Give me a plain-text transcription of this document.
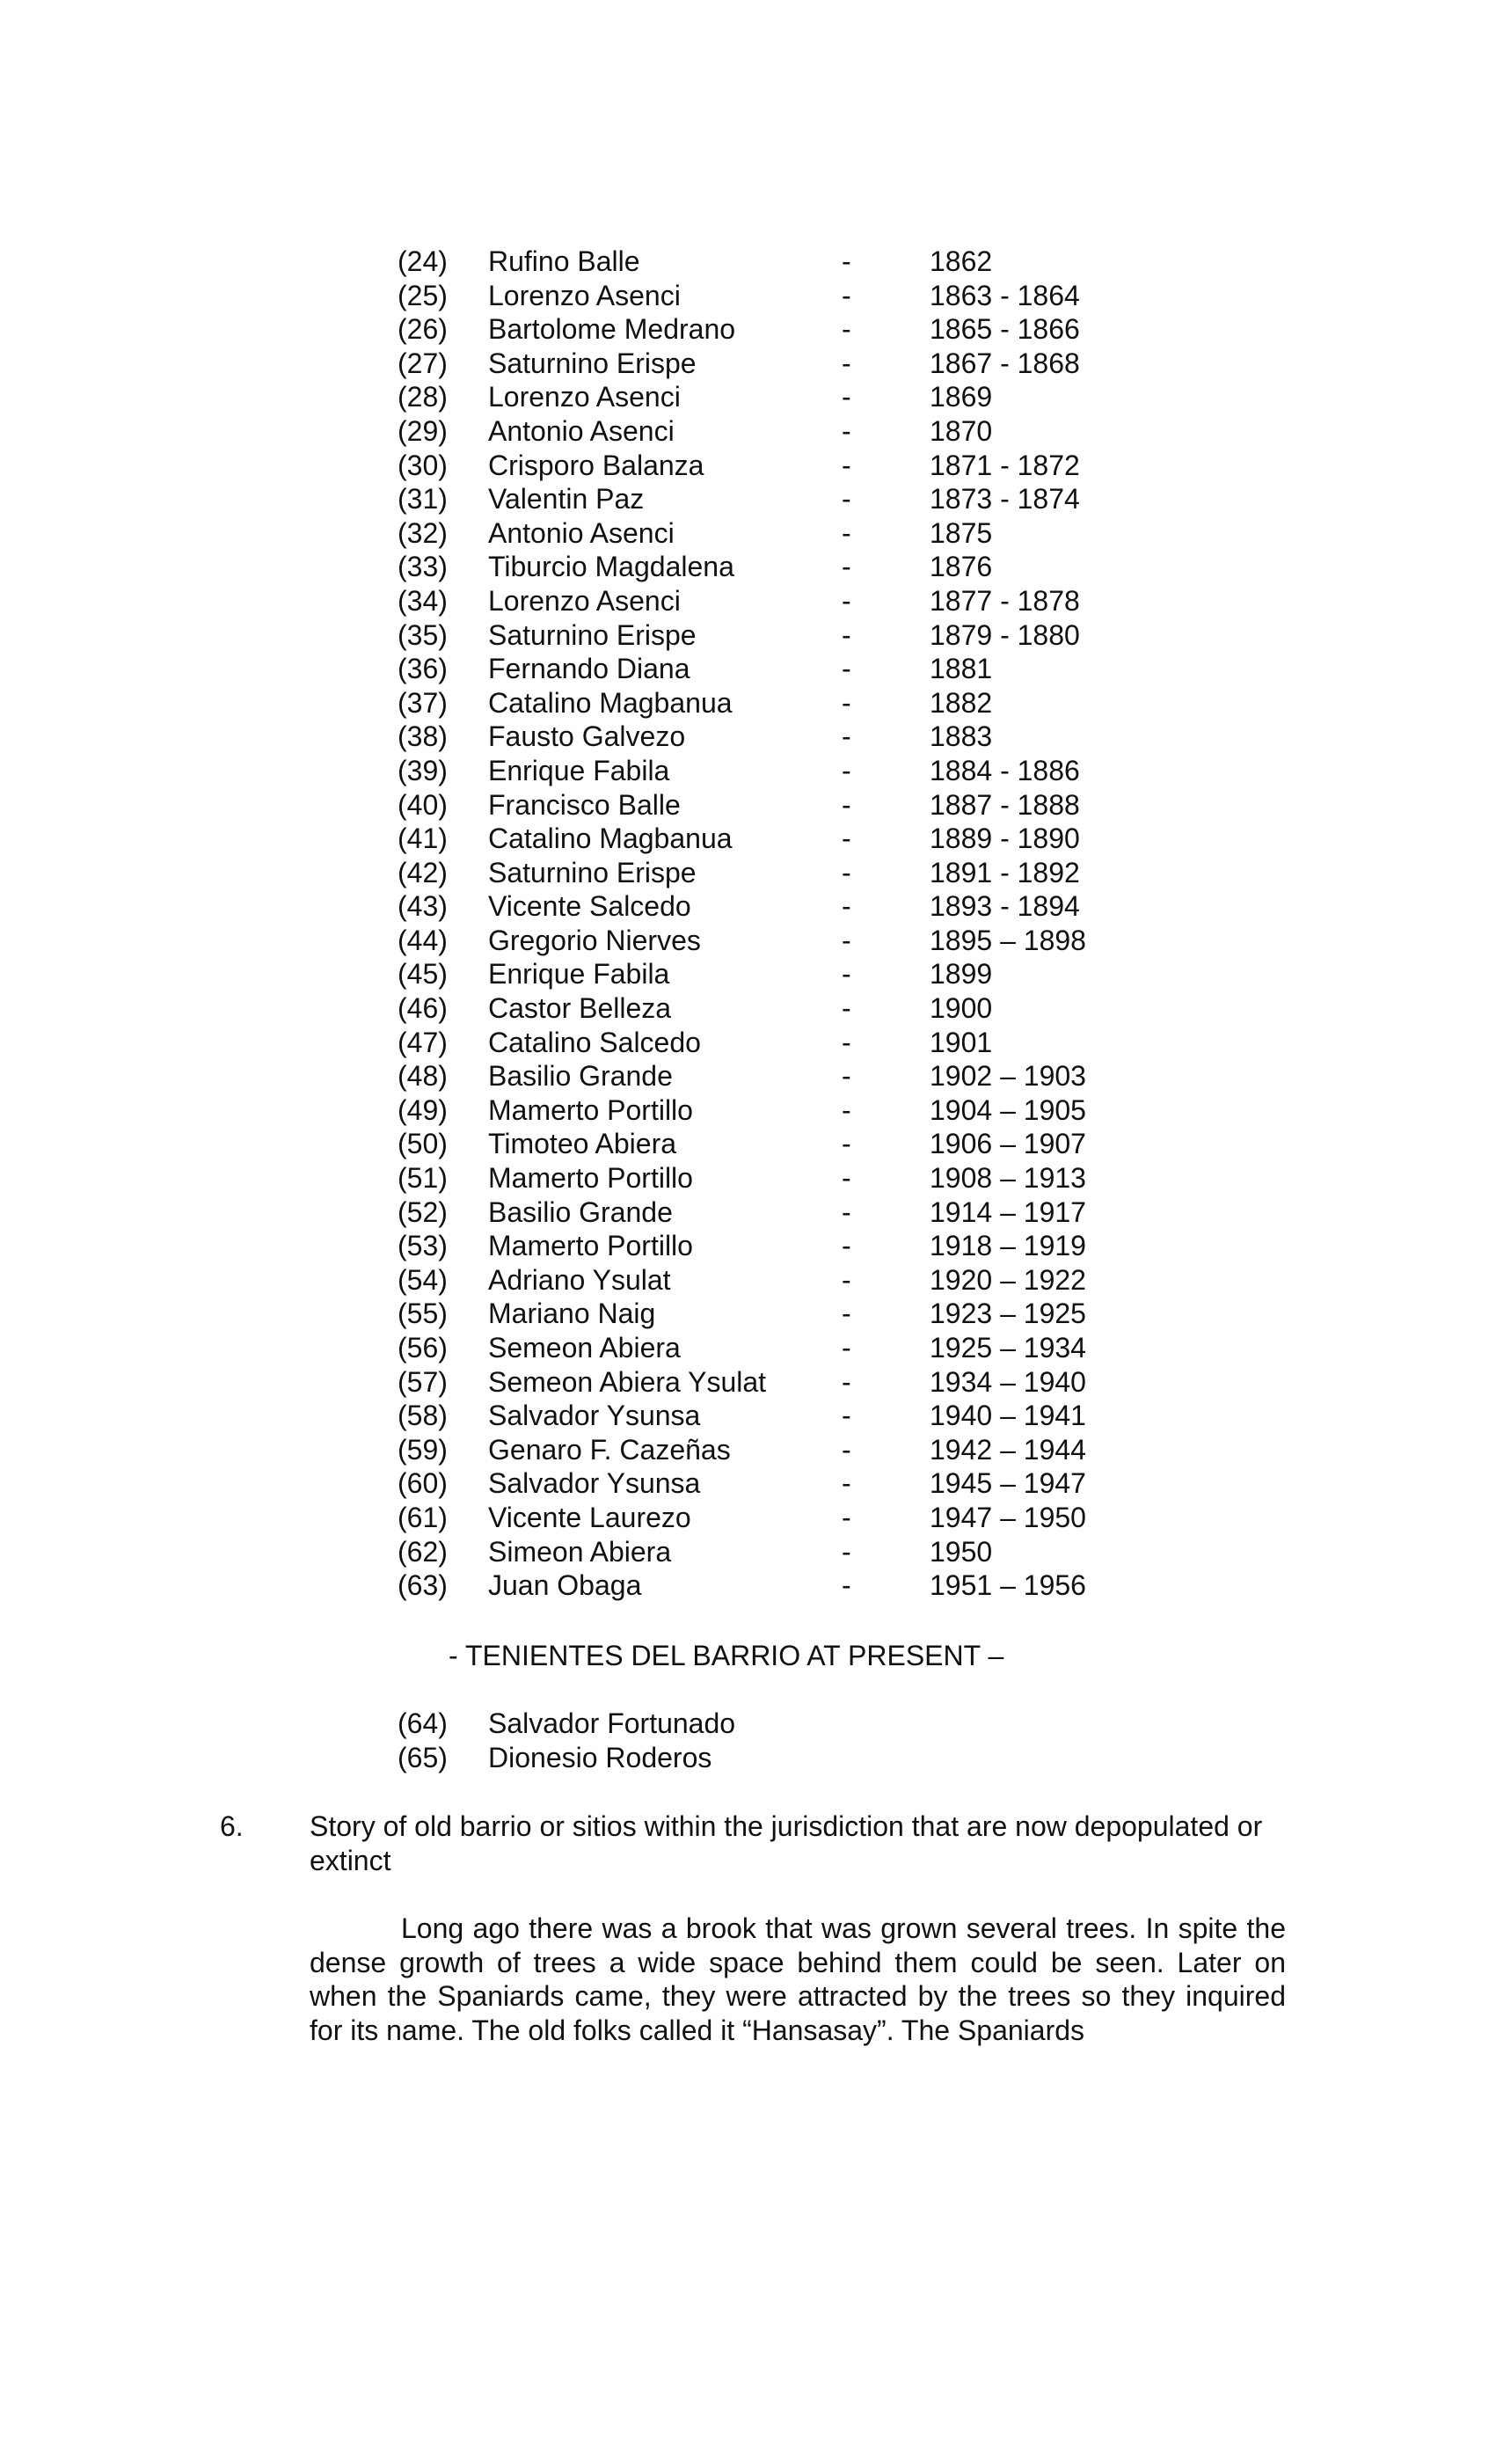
(24) Rufino Balle	-	1862
(25) Lorenzo Asenci	-	1863 - 1864
(26) Bartolome Medrano	-	1865 - 1866
(27) Saturnino Erispe	-	1867 - 1868
(28) Lorenzo Asenci	-	1869
(29) Antonio Asenci	-	1870
(30) Crisporo Balanza	-	1871 - 1872
(31) Valentin Paz	-	1873 - 1874
(32) Antonio Asenci	-	1875
(33) Tiburcio Magdalena	-	1876
(34) Lorenzo Asenci	-	1877 - 1878
(35) Saturnino Erispe	-	1879 - 1880
(36) Fernando Diana	-	1881
(37) Catalino Magbanua	-	1882
(38) Fausto Galvezo	-	1883
(39) Enrique Fabila	-	1884 - 1886
(40) Francisco Balle	-	1887 - 1888
(41) Catalino Magbanua	-	1889 - 1890
(42) Saturnino Erispe	-	1891 - 1892
(43) Vicente Salcedo	-	1893 - 1894
(44) Gregorio Nierves	-	1895 – 1898
(45) Enrique Fabila	-	1899
(46) Castor Belleza	-	1900
(47) Catalino Salcedo	-	1901
(48) Basilio Grande	-	1902 – 1903
(49) Mamerto Portillo	-	1904 – 1905
(50) Timoteo Abiera	-	1906 – 1907
(51) Mamerto Portillo	-	1908 – 1913
(52) Basilio Grande	-	1914 – 1917
(53) Mamerto Portillo	-	1918 – 1919
(54) Adriano Ysulat	-	1920 – 1922
(55) Mariano Naig	-	1923 – 1925
(56) Semeon Abiera	-	1925 – 1934
(57) Semeon Abiera Ysulat	-	1934 – 1940
(58) Salvador Ysunsa	-	1940 – 1941
(59) Genaro F. Cazeñas	-	1942 – 1944
(60) Salvador Ysunsa	-	1945 – 1947
(61) Vicente Laurezo	-	1947 – 1950
(62) Simeon Abiera	-	1950
(63) Juan Obaga	-	1951 – 1956
- TENIENTES DEL BARRIO AT PRESENT –
(64) Salvador Fortunado
(65) Dionesio Roderos
6. Story of old barrio or sitios within the jurisdiction that are now depopulated or extinct
Long ago there was a brook that was grown several trees. In spite the dense growth of trees a wide space behind them could be seen. Later on when the Spaniards came, they were attracted by the trees so they inquired for its name. The old folks called it “Hansasay”. The Spaniards
